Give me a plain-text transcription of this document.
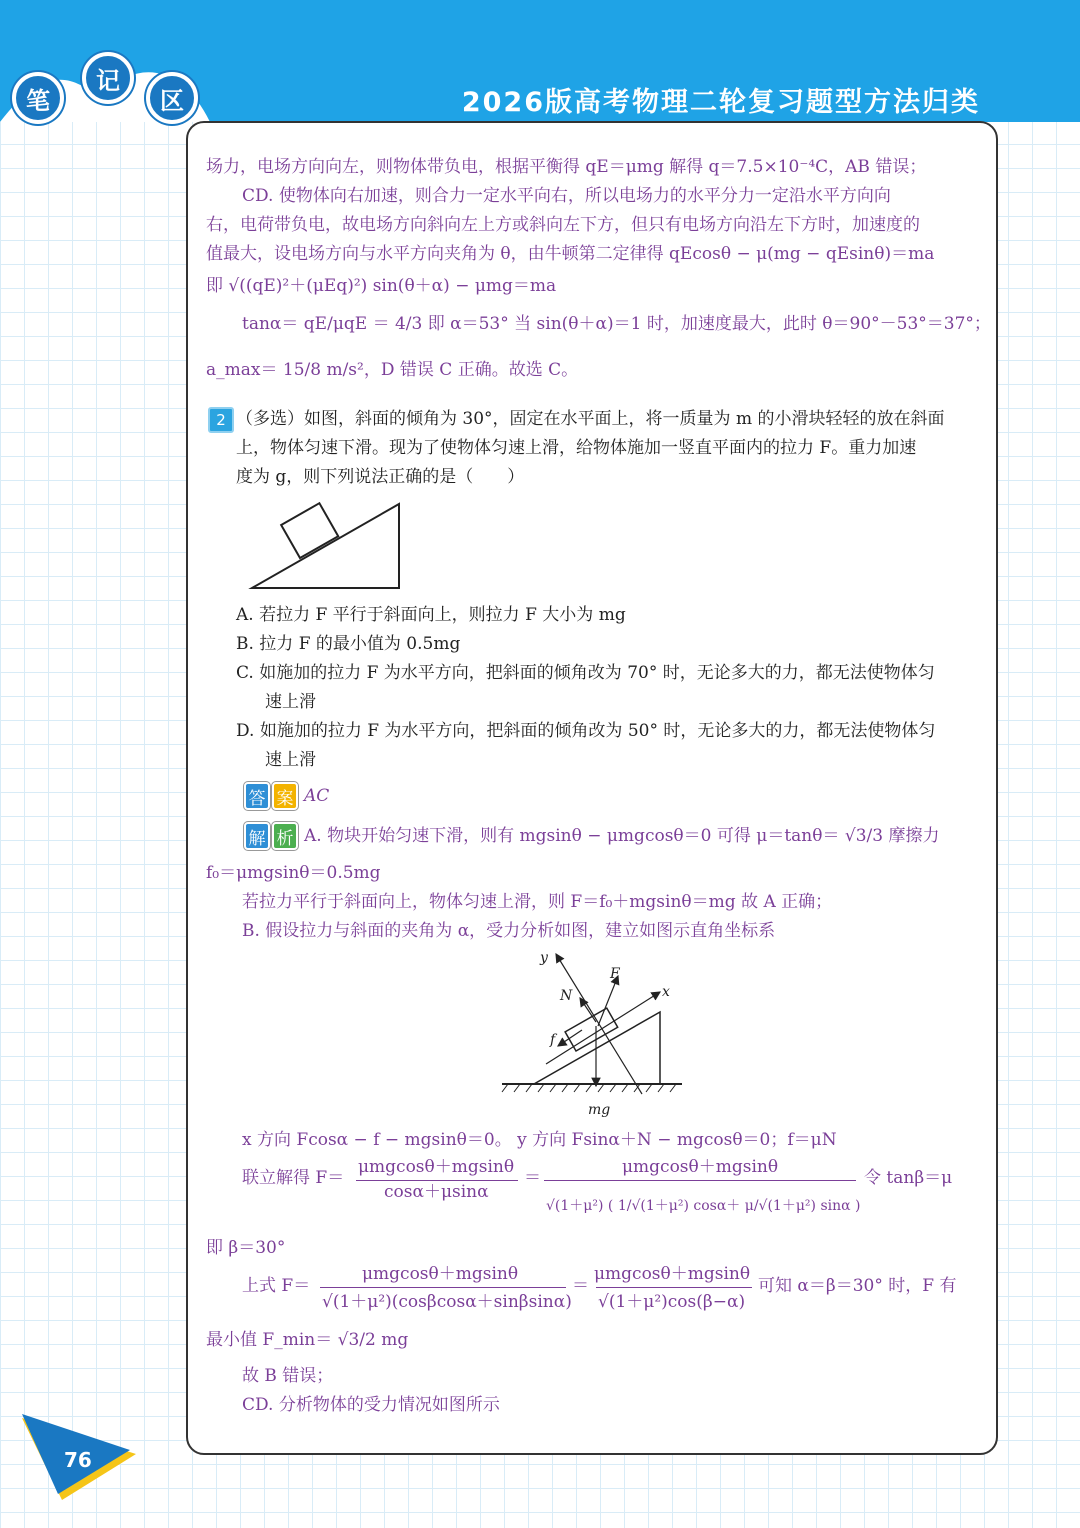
笔
记
区	2026版高考物理二轮复习题型方法归类
场力，电场方向向左，则物体带负电，根据平衡得 qE＝μmg 解得 q＝7.5×10⁻⁴C，AB 错误；
CD. 使物体向右加速，则合力一定水平向右，所以电场力的水平分力一定沿水平方向向
右，电荷带负电，故电场方向斜向左上方或斜向左下方，但只有电场方向沿左下方时，加速度的
值最大，设电场方向与水平方向夹角为 θ，由牛顿第二定律得 qEcosθ − μ(mg − qEsinθ)＝ma
即 √((qE)²＋(μEq)²) sin(θ＋α) − μmg＝ma
tanα＝ qE/μqE ＝ 4/3 即 α＝53° 当 sin(θ＋α)＝1 时，加速度最大，此时 θ＝90°－53°＝37°；
a_max＝ 15/8 m/s²，D 错误 C 正确。故选 C。
2 （多选）如图，斜面的倾角为 30°，固定在水平面上，将一质量为 m 的小滑块轻轻的放在斜面
上，物体匀速下滑。现为了使物体匀速上滑，给物体施加一竖直平面内的拉力 F。重力加速
度为 g，则下列说法正确的是（　　）
A. 若拉力 F 平行于斜面向上，则拉力 F 大小为 mg
B. 拉力 F 的最小值为 0.5mg
C. 如施加的拉力 F 为水平方向，把斜面的倾角改为 70° 时，无论多大的力，都无法使物体匀
速上滑
D. 如施加的拉力 F 为水平方向，把斜面的倾角改为 50° 时，无论多大的力，都无法使物体匀
速上滑
答 案 AC
解 析 A. 物块开始匀速下滑，则有 mgsinθ − μmgcosθ＝0 可得 μ＝tanθ＝ √3/3 摩擦力
f₀＝μmgsinθ＝0.5mg
若拉力平行于斜面向上，物体匀速上滑，则 F＝f₀＋mgsinθ＝mg 故 A 正确；
B. 假设拉力与斜面的夹角为 α，受力分析如图，建立如图示直角坐标系
y
F
x
N
f
mg
x 方向 Fcosα − f − mgsinθ＝0。 y 方向 Fsinα＋N − mgcosθ＝0；f＝μN
联立解得 F＝
μmgcosθ＋mgsinθ
cosα＋μsinα
＝
μmgcosθ＋mgsinθ
√(1＋μ²) ( 1/√(1＋μ²) cosα＋ μ/√(1＋μ²) sinα )
令 tanβ＝μ
即 β＝30°
上式 F＝
μmgcosθ＋mgsinθ
√(1＋μ²)(cosβcosα＋sinβsinα)
＝
μmgcosθ＋mgsinθ
√(1＋μ²)cos(β−α)
可知 α＝β＝30° 时，F 有
最小值 F_min＝ √3/2 mg
故 B 错误；
CD. 分析物体的受力情况如图所示
76
